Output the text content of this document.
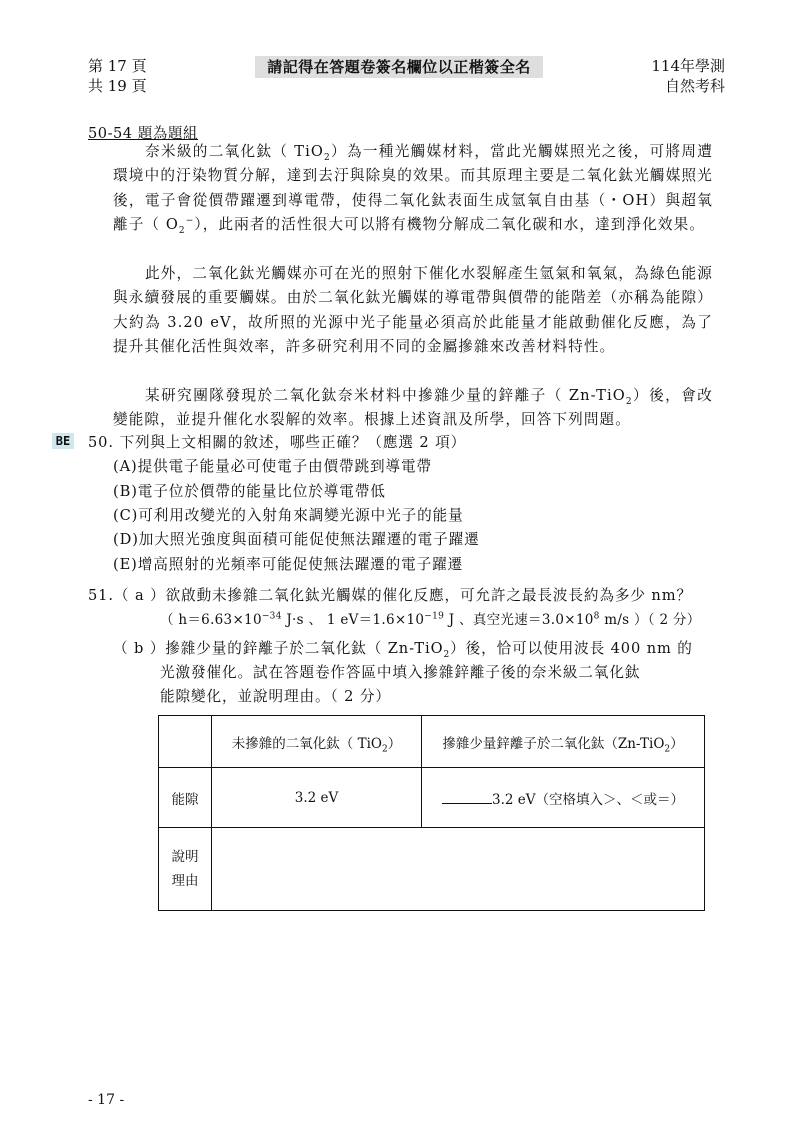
第 17 頁
共 19 頁
請記得在答題卷簽名欄位以正楷簽全名	114年學測
自然考科
50-54 題為題組
奈米級的二氧化鈦（ TiO$_2$）為一種光觸媒材料，當此光觸媒照光之後，可將周遭環境中的汙染物質分解，達到去汙與除臭的效果。而其原理主要是二氧化鈦光觸媒照光後，電子會從價帶躍遷到導電帶，使得二氧化鈦表面生成氫氧自由基（・OH）與超氧離子（ $O_2^-$），此兩者的活性很大可以將有機物分解成二氧化碳和水，達到淨化效果。
此外，二氧化鈦光觸媒亦可在光的照射下催化水裂解產生氫氣和氧氣，為綠色能源與永續發展的重要觸媒。由於二氧化鈦光觸媒的導電帶與價帶的能階差（亦稱為能隙）大約為 3.20 eV，故所照的光源中光子能量必須高於此能量才能啟動催化反應，為了提升其催化活性與效率，許多研究利用不同的金屬摻雜來改善材料特性。
某研究團隊發現於二氧化鈦奈米材料中摻雜少量的鋅離子（ Zn-TiO$_2$）後，會改變能隙，並提升催化水裂解的效率。根據上述資訊及所學，回答下列問題。
BE 50. 下列與上文相關的敘述，哪些正確？（應選 2 項）
(A)提供電子能量必可使電子由價帶跳到導電帶
(B)電子位於價帶的能量比位於導電帶低
(C)可利用改變光的入射角來調變光源中光子的能量
(D)加大照光強度與面積可能促使無法躍遷的電子躍遷
(E)增高照射的光頻率可能促使無法躍遷的電子躍遷
51.（ a ）欲啟動未摻雜二氧化鈦光觸媒的催化反應，可允許之最長波長約為多少 nm？
（ $h=6.63\times 10^{-34}$ J·s 、 1 $eV=1.6\times 10^{-19}$ J 、真空光速$=3.0\times 10^8$ m/s ）（ 2 分）
（ b ）摻雜少量的鋅離子於二氧化鈦（ Zn-TiO$_2$）後，恰可以使用波長 400 nm 的
光激發催化。試在答題卷作答區中填入摻雜鋅離子後的奈米級二氧化鈦
能隙變化，並說明理由。（ 2 分）
	未摻雜的二氧化鈦（ TiO$_2$）	摻雜少量鋅離子於二氧化鈦（Zn-TiO$_2$）
能隙	3.2 eV	3.2 eV（空格填入＞、＜或＝）
說明
理由		
- 17 -
